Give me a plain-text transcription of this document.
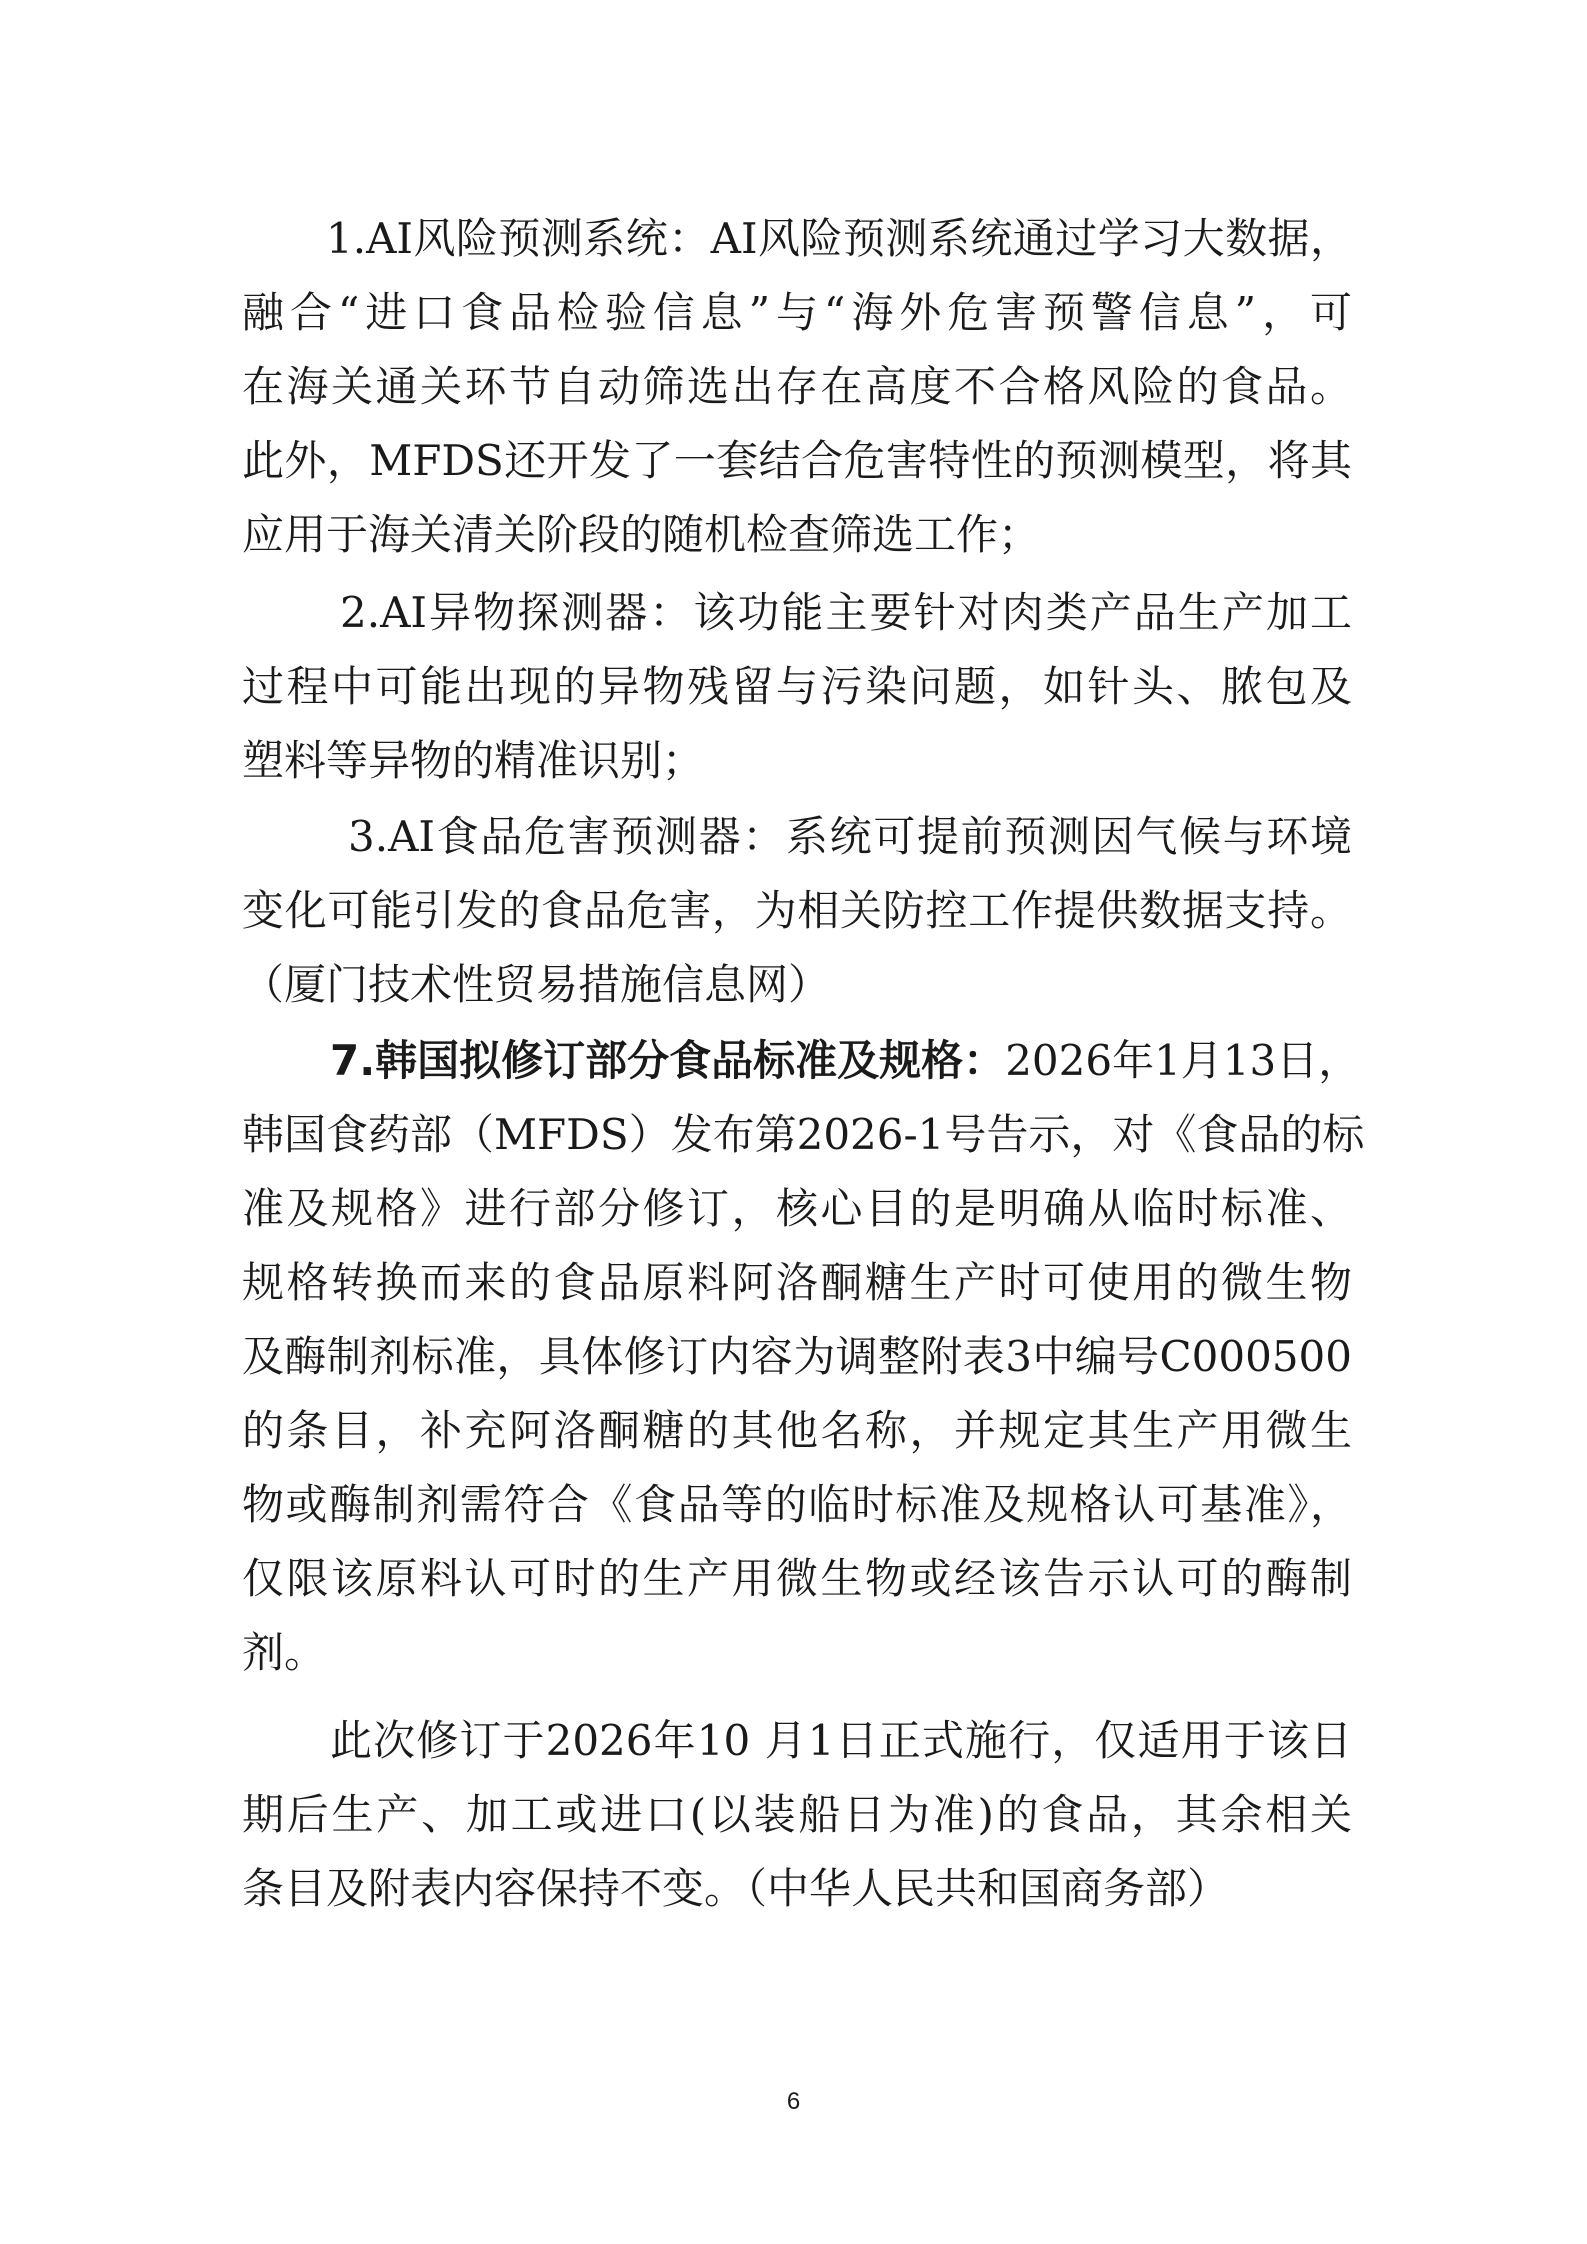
1.AI风险预测系统：AI风险预测系统通过学习大数据，
融合“进口食品检验信息”与“海外危害预警信息”，可
在海关通关环节自动筛选出存在高度不合格风险的食品。
此外，MFDS还开发了一套结合危害特性的预测模型，将其
应用于海关清关阶段的随机检查筛选工作；
2.AI异物探测器：该功能主要针对肉类产品生产加工
过程中可能出现的异物残留与污染问题，如针头、脓包及
塑料等异物的精准识别；
3.AI食品危害预测器：系统可提前预测因气候与环境
变化可能引发的食品危害，为相关防控工作提供数据支持。
（厦门技术性贸易措施信息网）
7.韩国拟修订部分食品标准及规格：2026年1月13日，
韩国食药部（MFDS）发布第2026-1号告示，对《食品的标
准及规格》进行部分修订，核心目的是明确从临时标准、
规格转换而来的食品原料阿洛酮糖生产时可使用的微生物
及酶制剂标准，具体修订内容为调整附表3中编号C000500
的条目，补充阿洛酮糖的其他名称，并规定其生产用微生
物或酶制剂需符合《食品等的临时标准及规格认可基准》，
仅限该原料认可时的生产用微生物或经该告示认可的酶制
剂。
此次修订于2026年10 月1日正式施行，仅适用于该日
期后生产、加工或进口(以装船日为准)的食品，其余相关
条目及附表内容保持不变。（中华人民共和国商务部）
6
